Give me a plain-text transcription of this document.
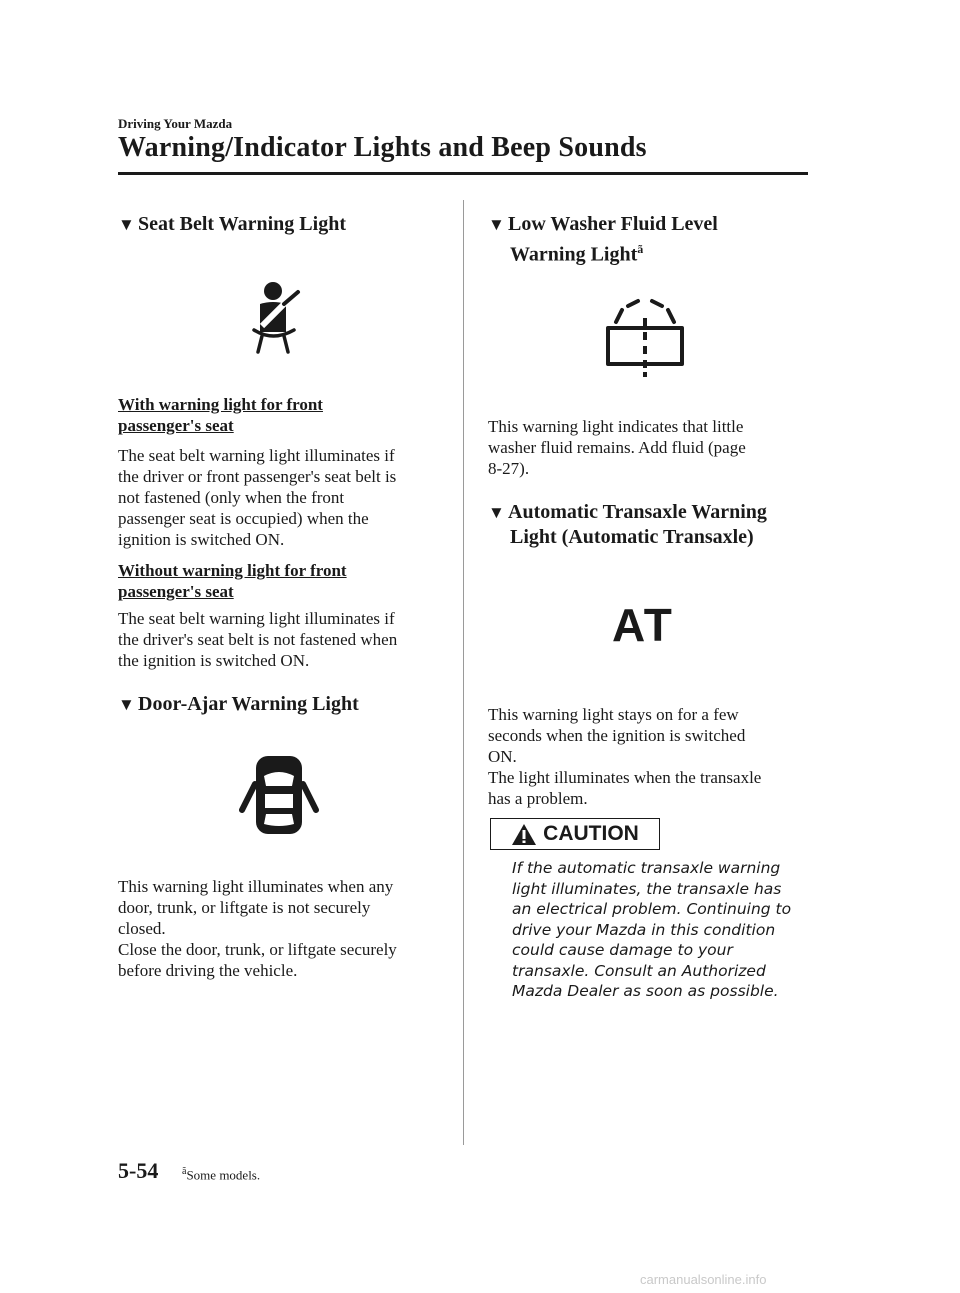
Driving Your Mazda
Warning/Indicator Lights and Beep Sounds
▼ Seat Belt Warning Light
With warning light for front
passenger's seat
The seat belt warning light illuminates if
the driver or front passenger's seat belt is
not fastened (only when the front
passenger seat is occupied) when the
ignition is switched ON.
Without warning light for front
passenger's seat
The seat belt warning light illuminates if
the driver's seat belt is not fastened when
the ignition is switched ON.
▼ Door-Ajar Warning Light
This warning light illuminates when any
door, trunk, or liftgate is not securely
closed.
Close the door, trunk, or liftgate securely
before driving the vehicle.
▼ Low Washer Fluid Level
Warning Light$^ã$
This warning light indicates that little
washer fluid remains. Add fluid (page
8-27).
▼ Automatic Transaxle Warning
Light (Automatic Transaxle)
AT
This warning light stays on for a few
seconds when the ignition is switched
ON.
The light illuminates when the transaxle
has a problem.
CAUTION
If the automatic transaxle warning
light illuminates, the transaxle has
an electrical problem. Continuing to
drive your Mazda in this condition
could cause damage to your
transaxle. Consult an Authorized
Mazda Dealer as soon as possible.
5-54 $^ã$Some models.
carmanualsonline.info
